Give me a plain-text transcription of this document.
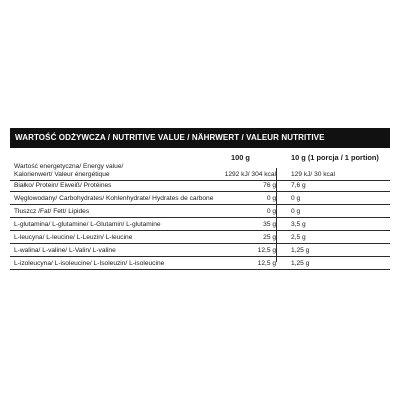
WARTOŚĆ ODŻYWCZA / NUTRITIVE VALUE / NÄHRWERT / VALEUR NUTRITIVE
100 g	10 g (1 porcja / 1 portion)
Wartość energetyczna/ Energy value/
Kalorienwert/ Valeur énergétique	1292 kJ/ 304 kcal 129 kJ/ 30 kcal
Białko/ Protein/ Eiweiß/ Protéines	76 g 7,6 g
Węglowodany/ Carbohydrates/ Kohlenhydrate/ Hydrates de carbone	0 g 0 g
Tłuszcz /Fat/ Fett/ Lipides	0 g 0 g
L-glutamina/ L-glutamine/ L-Glutamin/ L-glutamine	35 g 3,5 g
L-leucyna/ L-leucine/ L-Leuzin/ L-leucine	25 g 2,5 g
L-walina/ L-valine/ L-Valin/ L-valine	12,5 g 1,25 g
L-izoleucyna/ L-isoleucine/ L-Isoleuzin/ L-isoleucine	12,5 g 1,25 g
